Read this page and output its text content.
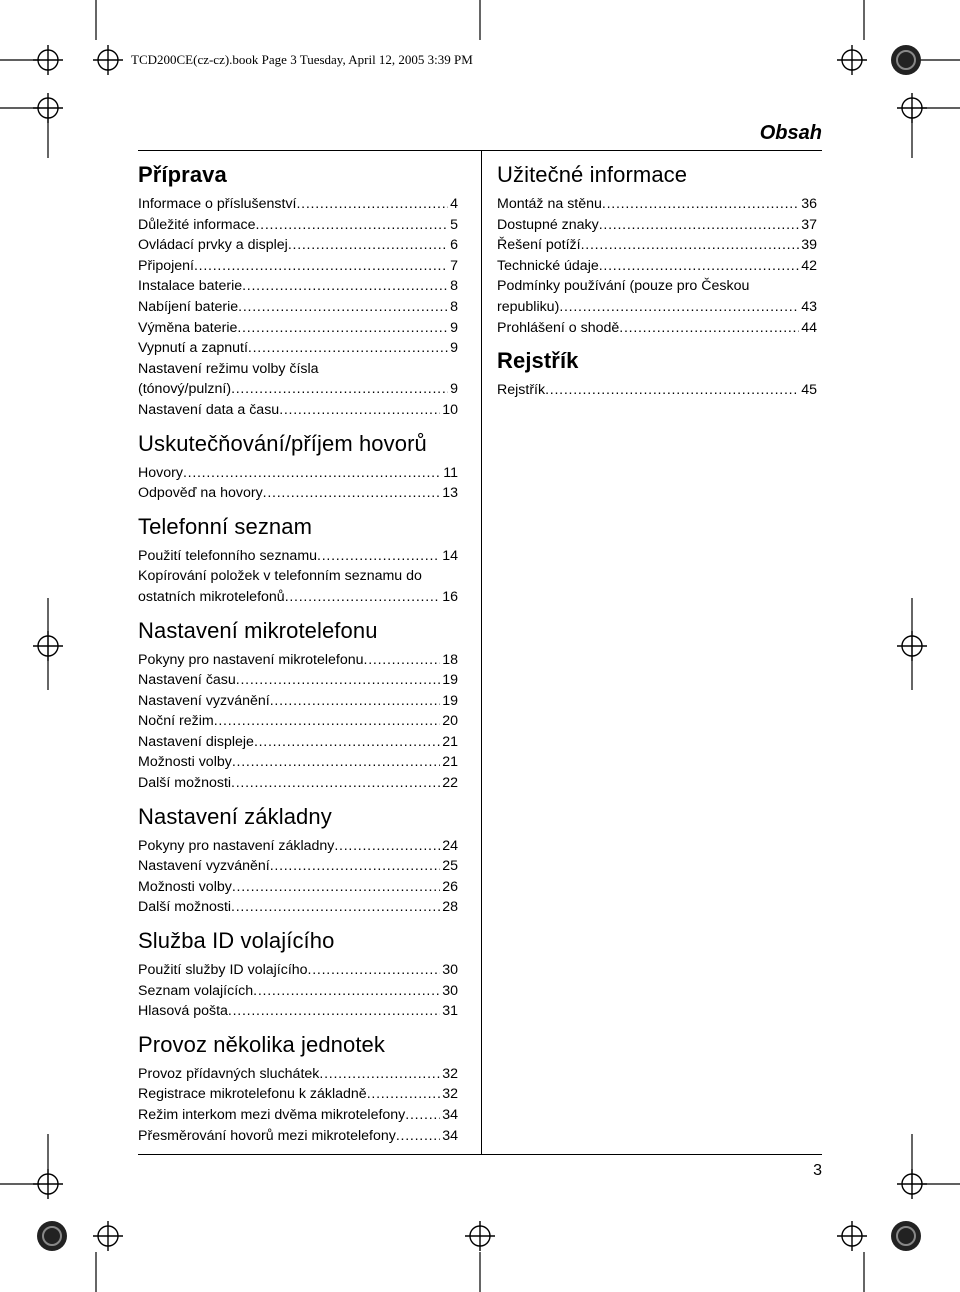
TCD200CE(cz-cz).book Page 3 Tuesday, April 12, 2005 3:39 PM
Obsah
3
Příprava
Informace o příslušenství . . .	4
Důležité informace . . .	5
Ovládací prvky a displej . . .	6
Připojení . . .	7
Instalace baterie . . .	8
Nabíjení baterie . . .	8
Výměna baterie . . .	9
Vypnutí a zapnutí . . .	9
Nastavení režimu volby čísla
(tónový/pulzní) . . .	9
Nastavení data a času . . .	10
Uskutečňování/příjem hovorů
Hovory . . .	11
Odpověď na hovory . . .	13
Telefonní seznam
Použití telefonního seznamu . . .	14
Kopírování položek v telefonním seznamu do
ostatních mikrotelefonů . . .	16
Nastavení mikrotelefonu
Pokyny pro nastavení mikrotelefonu . . .	18
Nastavení času . . .	19
Nastavení vyzvánění . . .	19
Noční režim . . .	20
Nastavení displeje . . .	21
Možnosti volby . . .	21
Další možnosti . . .	22
Nastavení základny
Pokyny pro nastavení základny . . .	24
Nastavení vyzvánění . . .	25
Možnosti volby . . .	26
Další možnosti . . .	28
Služba ID volajícího
Použití služby ID volajícího . . .	30
Seznam volajících . . .	30
Hlasová pošta . . .	31
Provoz několika jednotek
Provoz přídavných sluchátek . . .	32
Registrace mikrotelefonu k základně . . .	32
Režim interkom mezi dvěma mikrotelefony . . .	34
Přesměrování hovorů mezi mikrotelefony . . .	34
Užitečné informace
Montáž na stěnu . . .	36
Dostupné znaky . . .	37
Řešení potíží . . .	39
Technické údaje . . .	42
Podmínky používání (pouze pro Českou
republiku) . . .	43
Prohlášení o shodě . . .	44
Rejstřík
Rejstřík . . .	45
